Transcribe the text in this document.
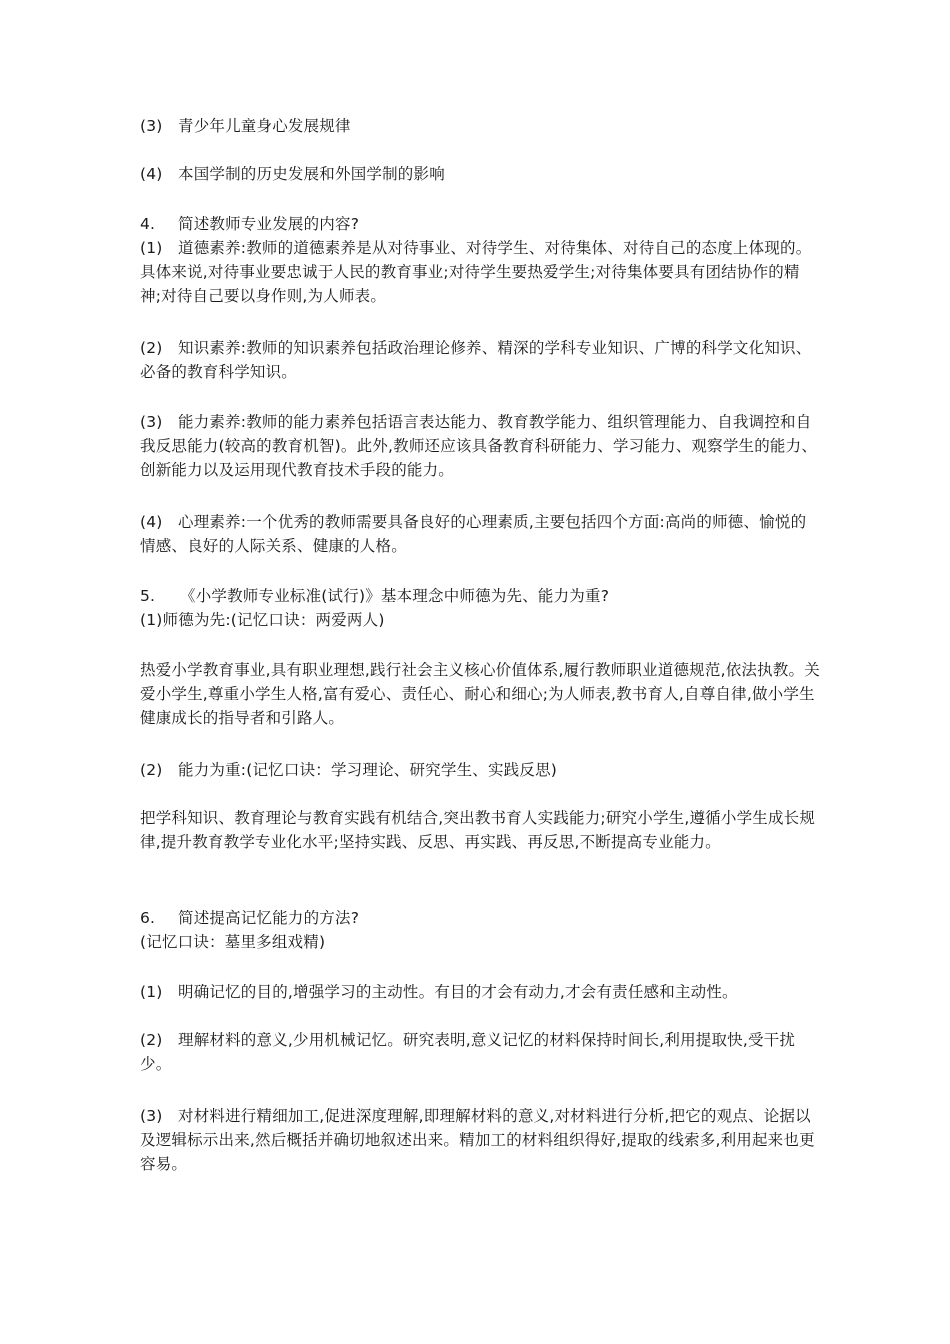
(3) 青少年儿童身心发展规律

(4) 本国学制的历史发展和外国学制的影响

4. 简述教师专业发展的内容?

(1) 道德素养:教师的道德素养是从对待事业、对待学生、对待集体、对待自己的态度上体现的。具体来说,对待事业要忠诚于人民的教育事业;对待学生要热爱学生;对待集体要具有团结协作的精神;对待自己要以身作则,为人师表。

(2) 知识素养:教师的知识素养包括政治理论修养、精深的学科专业知识、广博的科学文化知识、必备的教育科学知识。

(3) 能力素养:教师的能力素养包括语言表达能力、教育教学能力、组织管理能力、自我调控和自我反思能力(较高的教育机智)。此外,教师还应该具备教育科研能力、学习能力、观察学生的能力、创新能力以及运用现代教育技术手段的能力。

(4) 心理素养:一个优秀的教师需要具备良好的心理素质,主要包括四个方面:高尚的师德、愉悦的情感、良好的人际关系、健康的人格。

5. 《小学教师专业标准(试行)》基本理念中师德为先、能力为重?

(1)师德为先:(记忆口诀：两爱两人)

热爱小学教育事业,具有职业理想,践行社会主义核心价值体系,履行教师职业道德规范,依法执教。关爱小学生,尊重小学生人格,富有爱心、责任心、耐心和细心;为人师表,教书育人,自尊自律,做小学生健康成长的指导者和引路人。

(2) 能力为重:(记忆口诀：学习理论、研究学生、实践反思)

把学科知识、教育理论与教育实践有机结合,突出教书育人实践能力;研究小学生,遵循小学生成长规律,提升教育教学专业化水平;坚持实践、反思、再实践、再反思,不断提高专业能力。

6. 简述提高记忆能力的方法?

(记忆口诀：墓里多组戏精)

(1) 明确记忆的目的,增强学习的主动性。有目的才会有动力,才会有责任感和主动性。

(2) 理解材料的意义,少用机械记忆。研究表明,意义记忆的材料保持时间长,利用提取快,受干扰少。

(3) 对材料进行精细加工,促进深度理解,即理解材料的意义,对材料进行分析,把它的观点、论据以及逻辑标示出来,然后概括并确切地叙述出来。精加工的材料组织得好,提取的线索多,利用起来也更容易。
